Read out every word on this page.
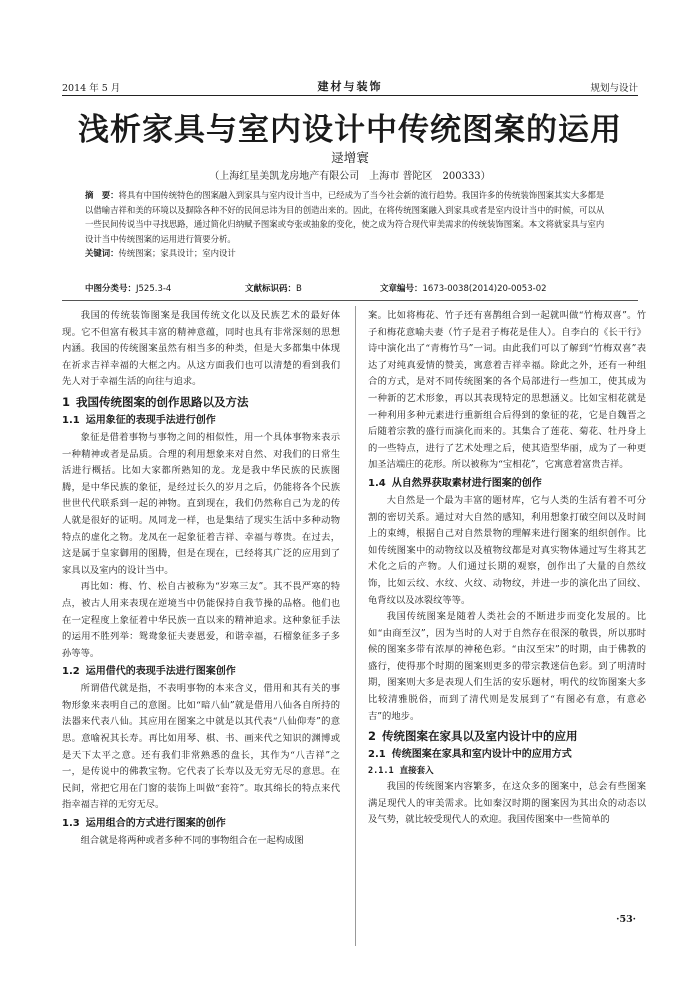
2014 年 5 月	建材与装饰	规划与设计
浅析家具与室内设计中传统图案的运用
逯增寰
（上海红星美凯龙房地产有限公司　上海市 普陀区　200333）
摘　要：将具有中国传统特色的图案融入到家具与室内设计当中，已经成为了当今社会新的流行趋势。我国许多的传统装饰图案其实大多都是以借喻吉祥和美的环境以及摒除各种不好的民间忌讳为目的创造出来的。因此，在将传统图案融入到家具或者是室内设计当中的时候，可以从一些民间传说当中寻找思路，通过简化归纳赋予图案或夸张或抽象的变化，使之成为符合现代审美需求的传统装饰图案。本文将就家具与室内设计当中传统图案的运用进行简要分析。
关键词：传统图案；家具设计；室内设计
中图分类号：J525.3-4	文献标识码：B	文章编号：1673-0038(2014)20-0053-02

我国的传统装饰图案是我国传统文化以及民族艺术的最好体现。它不但富有极其丰富的精神意蕴，同时也具有非常深刻的思想内涵。我国的传统图案虽然有相当多的种类，但是大多都集中体现在祈求吉祥幸福的大框之内。从这方面我们也可以清楚的看到我们先人对于幸福生活的向往与追求。

1 我国传统图案的创作思路以及方法
1.1 运用象征的表现手法进行创作

象征是借着事物与事物之间的相似性，用一个具体事物来表示一种精神或者是品质。合理的利用想象来对自然、对我们的日常生活进行概括。比如大家都所熟知的龙。龙是我中华民族的民族图腾，是中华民族的象征，是经过长久的岁月之后，仍能将各个民族世世代代联系到一起的神物。直到现在，我们仍然称自己为龙的传人就是很好的证明。凤同龙一样，也是集结了现实生活中多种动物特点的虚化之物。龙凤在一起象征着吉祥、幸福与尊贵。在过去，这是属于皇家御用的图腾，但是在现在，已经将其广泛的应用到了家具以及室内的设计当中。

再比如：梅、竹、松自古被称为“岁寒三友”。其不畏严寒的特点，被古人用来表现在逆境当中仍能保持自我节操的品格。他们也在一定程度上象征着中华民族一直以来的精神追求。这种象征手法的运用不胜列举：鸳鸯象征夫妻恩爱，和谐幸福，石榴象征多子多孙等等。

1.2 运用借代的表现手法进行图案创作

所谓借代就是指，不表明事物的本来含义，借用和其有关的事物形象来表明自己的意图。比如“暗八仙”就是借用八仙各自所持的法器来代表八仙。其应用在图案之中就是以其代表“八仙仰寿”的意思。意喻祝其长寿。再比如用琴、棋、书、画来代之知识的渊博或是天下太平之意。还有我们非常熟悉的盘长，其作为“八吉祥”之一，是传说中的佛教宝物。它代表了长寿以及无穷无尽的意思。在民间，常把它用在门窗的装饰上叫做“套符”。取其绵长的特点来代指幸福吉祥的无穷无尽。

1.3 运用组合的方式进行图案的创作

组合就是将两种或者多种不同的事物组合在一起构成图

案。比如将梅花、竹子还有喜鹊组合到一起就叫做“竹梅双喜”。竹子和梅花意喻夫妻（竹子是君子梅花是佳人）。自李白的《长干行》诗中演化出了“青梅竹马”一词。由此我们可以了解到“竹梅双喜”表达了对纯真爱情的赞美，寓意着吉祥幸福。除此之外，还有一种组合的方式，是对不同传统图案的各个局部进行一些加工，使其成为一种新的艺术形象，再以其表现特定的思想涵义。比如宝相花就是一种利用多种元素进行重新组合后得到的象征的花，它是自魏晋之后随着宗教的盛行而演化而来的。其集合了莲花、菊花、牡丹身上的一些特点，进行了艺术处理之后，使其造型华丽，成为了一种更加圣洁端庄的花形。所以被称为“宝相花”，它寓意着富贵吉祥。

1.4 从自然界获取素材进行图案的创作

大自然是一个最为丰富的题材库，它与人类的生活有着不可分割的密切关系。通过对大自然的感知，利用想象打破空间以及时间上的束缚，根据自己对自然景物的理解来进行图案的组织创作。比如传统图案中的动物纹以及植物纹都是对真实物体通过写生将其艺术化之后的产物。人们通过长期的观察，创作出了大量的自然纹饰，比如云纹、水纹、火纹、动物纹，并进一步的演化出了回纹、龟背纹以及冰裂纹等等。

我国传统图案是随着人类社会的不断进步而变化发展的。比如“由商至汉”，因为当时的人对于自然存在很深的敬畏，所以那时候的图案多带有浓厚的神秘色彩。“由汉至宋”的时期，由于佛教的盛行，使得那个时期的图案则更多的带宗教迷信色彩。到了明清时期，图案则大多是表现人们生活的安乐题材，明代的纹饰图案大多比较清雅脱俗，而到了清代则是发展到了“有图必有意，有意必吉”的地步。

2 传统图案在家具以及室内设计中的应用
2.1 传统图案在家具和室内设计中的应用方式
2.1.1 直接套入

我国的传统图案内容繁多，在这众多的图案中，总会有些图案满足现代人的审美需求。比如秦汉时期的图案因为其出众的动态以及气势，就比较受现代人的欢迎。我国传图案中一些简单的

·53·
